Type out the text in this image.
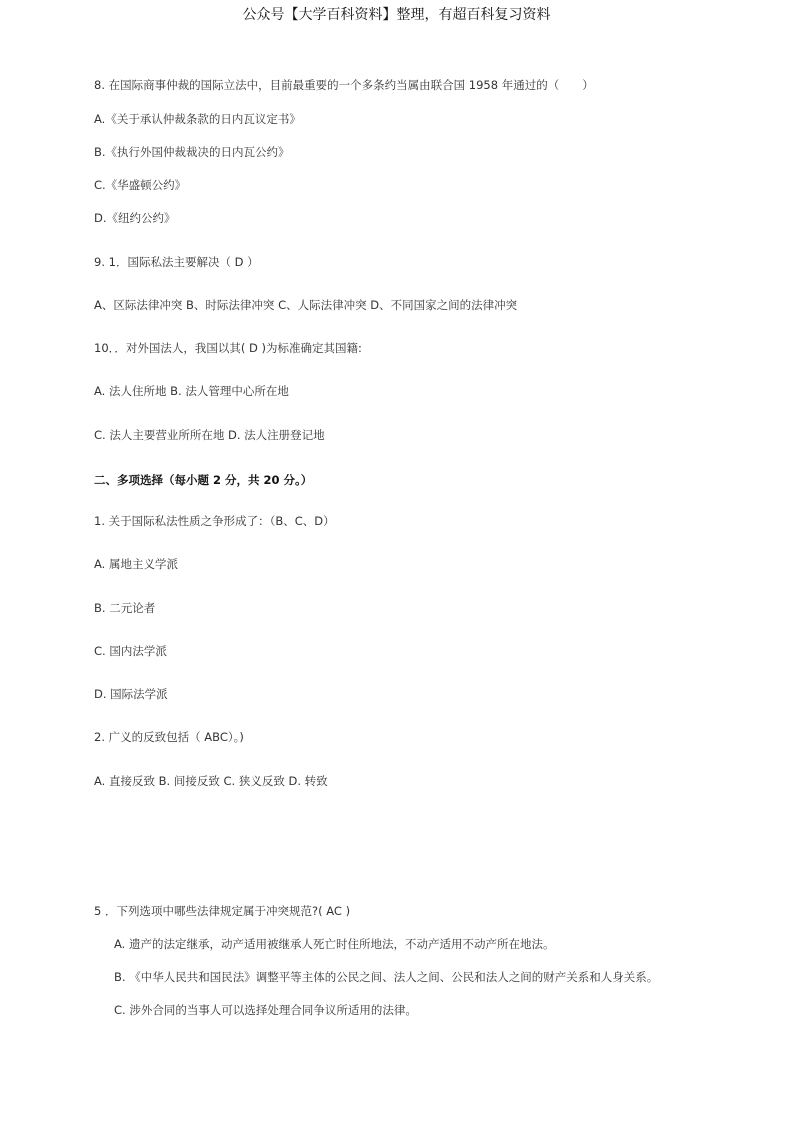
公众号【大学百科资料】整理，有超百科复习资料
8. 在国际商事仲裁的国际立法中，目前最重要的一个多条约当属由联合国 1958 年通过的（　　）
A.《关于承认仲裁条款的日内瓦议定书》
B.《执行外国仲裁裁决的日内瓦公约》
C.《华盛顿公约》
D.《纽约公约》
9. 1．国际私法主要解决（ D ）
A、区际法律冲突 B、时际法律冲突 C、人际法律冲突 D、不同国家之间的法律冲突
10．．对外国法人，我国以其( D )为标准确定其国籍:
A. 法人住所地 B. 法人管理中心所在地
C. 法人主要营业所所在地 D. 法人注册登记地
二、多项选择（每小题 2 分，共 20 分。）
1. 关于国际私法性质之争形成了：（B、C、D）
A. 属地主义学派
B. 二元论者
C. 国内法学派
D. 国际法学派
2. 广义的反致包括（ ABC）。)
A. 直接反致 B. 间接反致 C. 狭义反致 D. 转致
5 ．下列选项中哪些法律规定属于冲突规范?( AC )
A. 遗产的法定继承，动产适用被继承人死亡时住所地法，不动产适用不动产所在地法。
B. 《中华人民共和国民法》调整平等主体的公民之间、法人之间、公民和法人之间的财产关系和人身关系。
C. 涉外合同的当事人可以选择处理合同争议所适用的法律。
